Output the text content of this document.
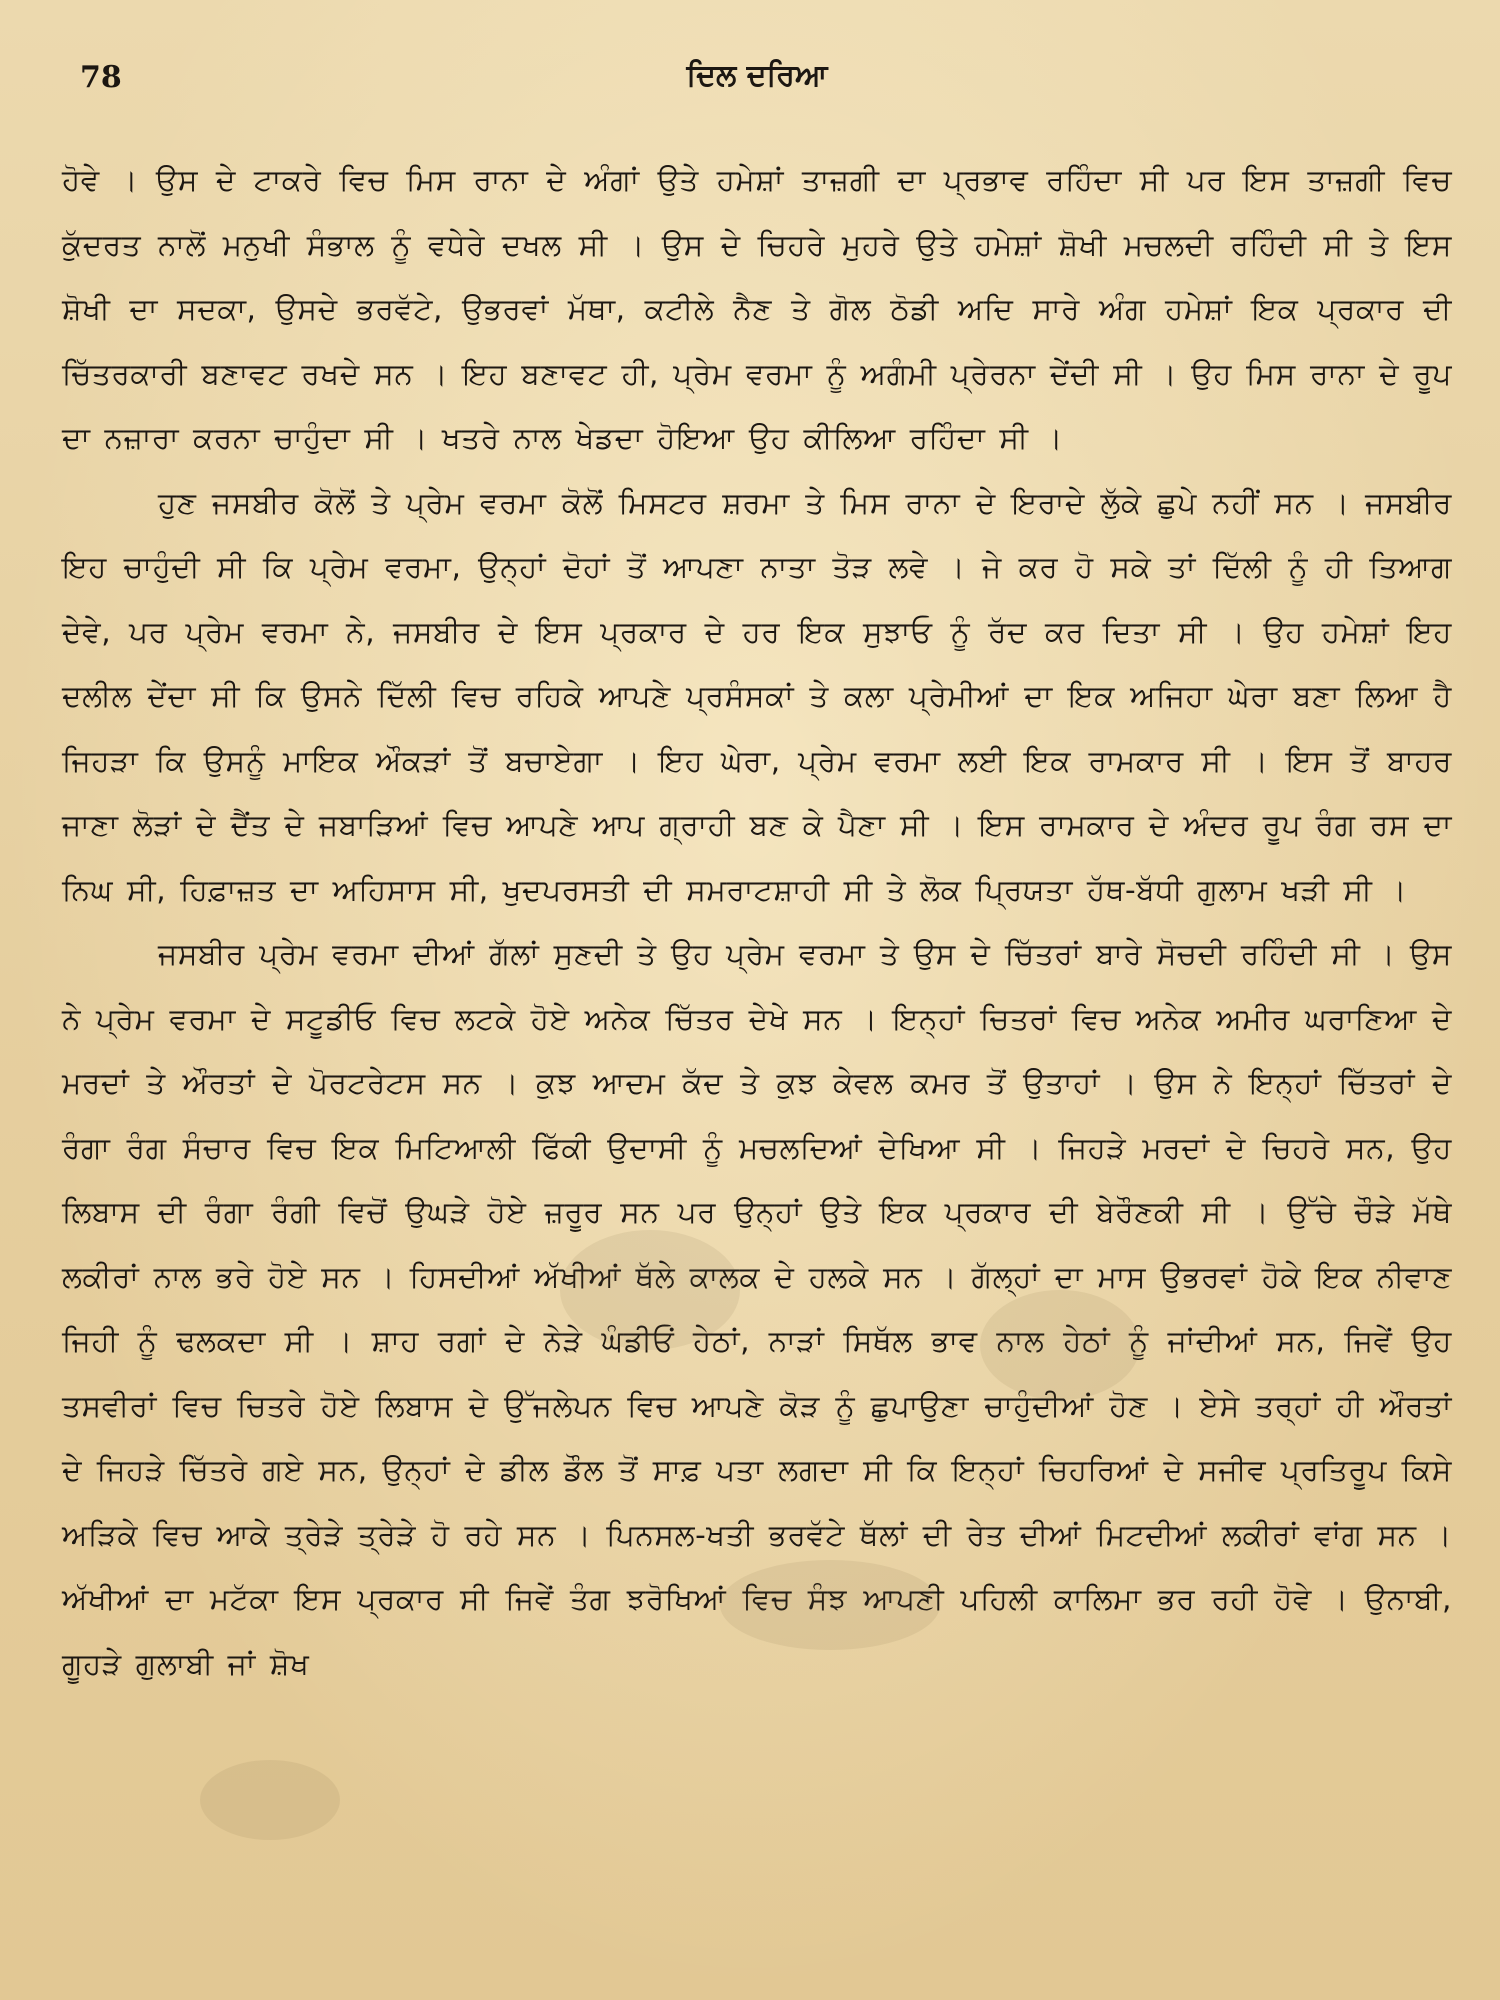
78	ਦਿਲ ਦਰਿਆ

ਹੋਵੇ । ਉਸ ਦੇ ਟਾਕਰੇ ਵਿਚ ਮਿਸ ਰਾਨਾ ਦੇ ਅੰਗਾਂ ਉਤੇ ਹਮੇਸ਼ਾਂ ਤਾਜ਼ਗੀ ਦਾ ਪ੍ਰਭਾਵ ਰਹਿੰਦਾ ਸੀ ਪਰ ਇਸ ਤਾਜ਼ਗੀ ਵਿਚ ਕੁੱਦਰਤ ਨਾਲੋਂ ਮਨੁਖੀ ਸੰਭਾਲ ਨੂੰ ਵਧੇਰੇ ਦਖਲ ਸੀ । ਉਸ ਦੇ ਚਿਹਰੇ ਮੁਹਰੇ ਉਤੇ ਹਮੇਸ਼ਾਂ ਸ਼ੋਖੀ ਮਚਲਦੀ ਰਹਿੰਦੀ ਸੀ ਤੇ ਇਸ ਸ਼ੋਖੀ ਦਾ ਸਦਕਾ, ਉਸਦੇ ਭਰਵੱਟੇ, ਉਭਰਵਾਂ ਮੱਥਾ, ਕਟੀਲੇ ਨੈਣ ਤੇ ਗੋਲ ਠੋਡੀ ਅਦਿ ਸਾਰੇ ਅੰਗ ਹਮੇਸ਼ਾਂ ਇਕ ਪ੍ਰਕਾਰ ਦੀ ਚਿੱਤਰਕਾਰੀ ਬਣਾਵਟ ਰਖਦੇ ਸਨ । ਇਹ ਬਣਾਵਟ ਹੀ, ਪ੍ਰੇਮ ਵਰਮਾ ਨੂੰ ਅਗੰਮੀ ਪ੍ਰੇਰਨਾ ਦੇਂਦੀ ਸੀ । ਉਹ ਮਿਸ ਰਾਨਾ ਦੇ ਰੂਪ ਦਾ ਨਜ਼ਾਰਾ ਕਰਨਾ ਚਾਹੁੰਦਾ ਸੀ । ਖਤਰੇ ਨਾਲ ਖੇਡਦਾ ਹੋਇਆ ਉਹ ਕੀਲਿਆ ਰਹਿੰਦਾ ਸੀ ।

ਹੁਣ ਜਸਬੀਰ ਕੋਲੋਂ ਤੇ ਪ੍ਰੇਮ ਵਰਮਾ ਕੋਲੋਂ ਮਿਸਟਰ ਸ਼ਰਮਾ ਤੇ ਮਿਸ ਰਾਨਾ ਦੇ ਇਰਾਦੇ ਲੁੱਕੇ ਛੁਪੇ ਨਹੀਂ ਸਨ । ਜਸਬੀਰ ਇਹ ਚਾਹੁੰਦੀ ਸੀ ਕਿ ਪ੍ਰੇਮ ਵਰਮਾ, ਉਨ੍ਹਾਂ ਦੋਹਾਂ ਤੋਂ ਆਪਣਾ ਨਾਤਾ ਤੋੜ ਲਵੇ । ਜੇ ਕਰ ਹੋ ਸਕੇ ਤਾਂ ਦਿੱਲੀ ਨੂੰ ਹੀ ਤਿਆਗ ਦੇਵੇ, ਪਰ ਪ੍ਰੇਮ ਵਰਮਾ ਨੇ, ਜਸਬੀਰ ਦੇ ਇਸ ਪ੍ਰਕਾਰ ਦੇ ਹਰ ਇਕ ਸੁਝਾਓ ਨੂੰ ਰੱਦ ਕਰ ਦਿਤਾ ਸੀ । ਉਹ ਹਮੇਸ਼ਾਂ ਇਹ ਦਲੀਲ ਦੇਂਦਾ ਸੀ ਕਿ ਉਸਨੇ ਦਿੱਲੀ ਵਿਚ ਰਹਿਕੇ ਆਪਣੇ ਪ੍ਰਸੰਸਕਾਂ ਤੇ ਕਲਾ ਪ੍ਰੇਮੀਆਂ ਦਾ ਇਕ ਅਜਿਹਾ ਘੇਰਾ ਬਣਾ ਲਿਆ ਹੈ ਜਿਹੜਾ ਕਿ ਉਸਨੂੰ ਮਾਇਕ ਔਕੜਾਂ ਤੋਂ ਬਚਾਏਗਾ । ਇਹ ਘੇਰਾ, ਪ੍ਰੇਮ ਵਰਮਾ ਲਈ ਇਕ ਰਾਮਕਾਰ ਸੀ । ਇਸ ਤੋਂ ਬਾਹਰ ਜਾਣਾ ਲੋੜਾਂ ਦੇ ਦੈਂਤ ਦੇ ਜਬਾੜਿਆਂ ਵਿਚ ਆਪਣੇ ਆਪ ਗ੍ਰਾਹੀ ਬਣ ਕੇ ਪੈਣਾ ਸੀ । ਇਸ ਰਾਮਕਾਰ ਦੇ ਅੰਦਰ ਰੂਪ ਰੰਗ ਰਸ ਦਾ ਨਿਘ ਸੀ, ਹਿਫ਼ਾਜ਼ਤ ਦਾ ਅਹਿਸਾਸ ਸੀ, ਖੁਦਪਰਸਤੀ ਦੀ ਸਮਰਾਟਸ਼ਾਹੀ ਸੀ ਤੇ ਲੋਕ ਪ੍ਰਿਯਤਾ ਹੱਥ-ਬੱਧੀ ਗੁਲਾਮ ਖੜੀ ਸੀ ।

ਜਸਬੀਰ ਪ੍ਰੇਮ ਵਰਮਾ ਦੀਆਂ ਗੱਲਾਂ ਸੁਣਦੀ ਤੇ ਉਹ ਪ੍ਰੇਮ ਵਰਮਾ ਤੇ ਉਸ ਦੇ ਚਿੱਤਰਾਂ ਬਾਰੇ ਸੋਚਦੀ ਰਹਿੰਦੀ ਸੀ । ਉਸ ਨੇ ਪ੍ਰੇਮ ਵਰਮਾ ਦੇ ਸਟੂਡੀਓ ਵਿਚ ਲਟਕੇ ਹੋਏ ਅਨੇਕ ਚਿੱਤਰ ਦੇਖੇ ਸਨ । ਇਨ੍ਹਾਂ ਚਿਤਰਾਂ ਵਿਚ ਅਨੇਕ ਅਮੀਰ ਘਰਾਣਿਆ ਦੇ ਮਰਦਾਂ ਤੇ ਔਰਤਾਂ ਦੇ ਪੋਰਟਰੇਟਸ ਸਨ । ਕੁਝ ਆਦਮ ਕੱਦ ਤੇ ਕੁਝ ਕੇਵਲ ਕਮਰ ਤੋਂ ਉਤਾਹਾਂ । ਉਸ ਨੇ ਇਨ੍ਹਾਂ ਚਿੱਤਰਾਂ ਦੇ ਰੰਗਾ ਰੰਗ ਸੰਚਾਰ ਵਿਚ ਇਕ ਮਿਟਿਆਲੀ ਫਿੱਕੀ ਉਦਾਸੀ ਨੂੰ ਮਚਲਦਿਆਂ ਦੇਖਿਆ ਸੀ । ਜਿਹੜੇ ਮਰਦਾਂ ਦੇ ਚਿਹਰੇ ਸਨ, ਉਹ ਲਿਬਾਸ ਦੀ ਰੰਗਾ ਰੰਗੀ ਵਿਚੋਂ ਉਘੜੇ ਹੋਏ ਜ਼ਰੂਰ ਸਨ ਪਰ ਉਨ੍ਹਾਂ ਉਤੇ ਇਕ ਪ੍ਰਕਾਰ ਦੀ ਬੇਰੌਣਕੀ ਸੀ । ਉੱਚੇ ਚੌੜੇ ਮੱਥੇ ਲਕੀਰਾਂ ਨਾਲ ਭਰੇ ਹੋਏ ਸਨ । ਹਿਸਦੀਆਂ ਅੱਖੀਆਂ ਥੱਲੇ ਕਾਲਕ ਦੇ ਹਲਕੇ ਸਨ । ਗੱਲ੍ਹਾਂ ਦਾ ਮਾਸ ਉਭਰਵਾਂ ਹੋਕੇ ਇਕ ਨੀਵਾਣ ਜਿਹੀ ਨੂੰ ਢਲਕਦਾ ਸੀ । ਸ਼ਾਹ ਰਗਾਂ ਦੇ ਨੇੜੇ ਘੰਡੀਓਂ ਹੇਠਾਂ, ਨਾੜਾਂ ਸਿਥੱਲ ਭਾਵ ਨਾਲ ਹੇਠਾਂ ਨੂੰ ਜਾਂਦੀਆਂ ਸਨ, ਜਿਵੇਂ ਉਹ ਤਸਵੀਰਾਂ ਵਿਚ ਚਿਤਰੇ ਹੋਏ ਲਿਬਾਸ ਦੇ ਉੱਜਲੇਪਨ ਵਿਚ ਆਪਣੇ ਕੋੜ ਨੂੰ ਛੁਪਾਉਣਾ ਚਾਹੁੰਦੀਆਂ ਹੋਣ । ਏਸੇ ਤਰ੍ਹਾਂ ਹੀ ਔਰਤਾਂ ਦੇ ਜਿਹੜੇ ਚਿੱਤਰੇ ਗਏ ਸਨ, ਉਨ੍ਹਾਂ ਦੇ ਡੀਲ ਡੌਲ ਤੋਂ ਸਾਫ਼ ਪਤਾ ਲਗਦਾ ਸੀ ਕਿ ਇਨ੍ਹਾਂ ਚਿਹਰਿਆਂ ਦੇ ਸਜੀਵ ਪ੍ਰਤਿਰੂਪ ਕਿਸੇ ਅੜਿਕੇ ਵਿਚ ਆਕੇ ਤ੍ਰੇੜੇ ਤ੍ਰੇੜੇ ਹੋ ਰਹੇ ਸਨ । ਪਿਨਸਲ-ਖਤੀ ਭਰਵੱਟੇ ਥੱਲਾਂ ਦੀ ਰੇਤ ਦੀਆਂ ਮਿਟਦੀਆਂ ਲਕੀਰਾਂ ਵਾਂਗ ਸਨ । ਅੱਖੀਆਂ ਦਾ ਮਟੱਕਾ ਇਸ ਪ੍ਰਕਾਰ ਸੀ ਜਿਵੇਂ ਤੰਗ ਝਰੋਖਿਆਂ ਵਿਚ ਸੰਝ ਆਪਣੀ ਪਹਿਲੀ ਕਾਲਿਮਾ ਭਰ ਰਹੀ ਹੋਵੇ । ਉਨਾਬੀ, ਗੂਹੜੇ ਗੁਲਾਬੀ ਜਾਂ ਸ਼ੋਖ
